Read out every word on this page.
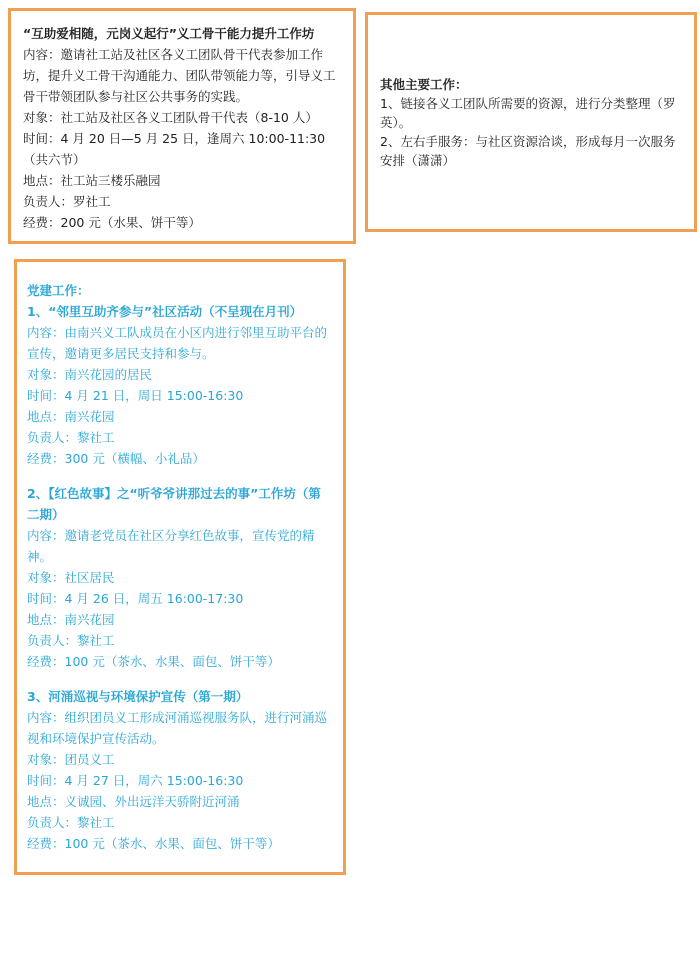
“互助爱相随，元岗义起行”义工骨干能力提升工作坊

内容：邀请社工站及社区各义工团队骨干代表参加工作坊，提升义工骨干沟通能力、团队带领能力等，引导义工骨干带领团队参与社区公共事务的实践。

对象：社工站及社区各义工团队骨干代表（8-10 人）

时间：4 月 20 日—5 月 25 日，逢周六 10:00-11:30（共六节）

地点：社工站三楼乐融园

负责人：罗社工

经费：200 元（水果、饼干等）

其他主要工作：

1、链接各义工团队所需要的资源，进行分类整理（罗英）。

2、左右手服务：与社区资源洽谈，形成每月一次服务安排（潇潇）

党建工作：

1、“邻里互助齐参与”社区活动（不呈现在月刊）

内容：由南兴义工队成员在小区内进行邻里互助平台的宣传，邀请更多居民支持和参与。

对象：南兴花园的居民

时间：4 月 21 日，周日 15:00-16:30

地点：南兴花园

负责人：黎社工

经费：300 元（横幅、小礼品）

2、【红色故事】之“听爷爷讲那过去的事”工作坊（第二期）

内容：邀请老党员在社区分享红色故事，宣传党的精神。

对象：社区居民

时间：4 月 26 日，周五 16:00-17:30

地点：南兴花园

负责人：黎社工

经费：100 元（茶水、水果、面包、饼干等）

3、河涌巡视与环境保护宣传（第一期）

内容：组织团员义工形成河涌巡视服务队，进行河涌巡视和环境保护宣传活动。

对象：团员义工

时间：4 月 27 日，周六 15:00-16:30

地点：义诚园、外出远洋天骄附近河涌

负责人：黎社工

经费：100 元（茶水、水果、面包、饼干等）
